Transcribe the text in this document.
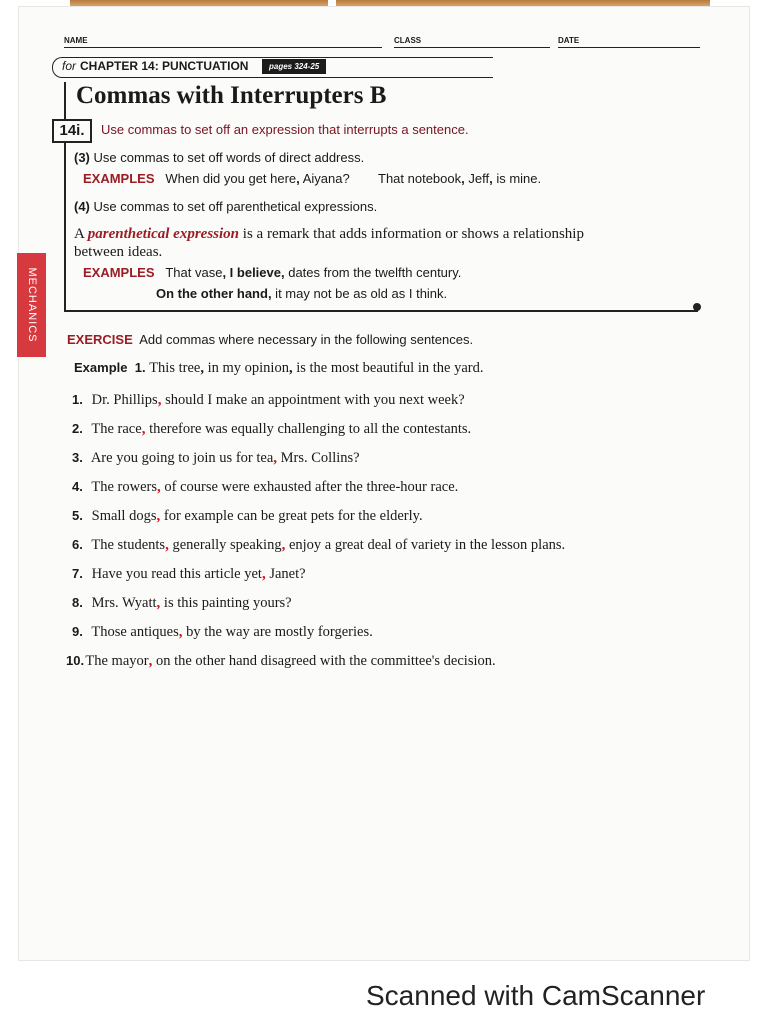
NAME	CLASS	DATE
for CHAPTER 14: PUNCTUATION	pages 324-25
Commas with Interrupters B
14i.	Use commas to set off an expression that interrupts a sentence.
(3) Use commas to set off words of direct address.
EXAMPLES When did you get here, Aiyana? That notebook, Jeff, is mine.
(4) Use commas to set off parenthetical expressions.
A parenthetical expression is a remark that adds information or shows a relationship
between ideas.
EXAMPLES That vase, I believe, dates from the twelfth century.
On the other hand, it may not be as old as I think.
MECHANICS EXERCISE Add commas where necessary in the following sentences.
Example 1. This tree, in my opinion, is the most beautiful in the yard.
1. Dr. Phillips, should I make an appointment with you next week?
2. The race, therefore was equally challenging to all the contestants.
3. Are you going to join us for tea, Mrs. Collins?
4. The rowers, of course were exhausted after the three-hour race.
5. Small dogs, for example can be great pets for the elderly.
6. The students, generally speaking, enjoy a great deal of variety in the lesson plans.
7. Have you read this article yet, Janet?
8. Mrs. Wyatt, is this painting yours?
9. Those antiques, by the way are mostly forgeries.
10. The mayor, on the other hand disagreed with the committee's decision.
Scanned with CamScanner
